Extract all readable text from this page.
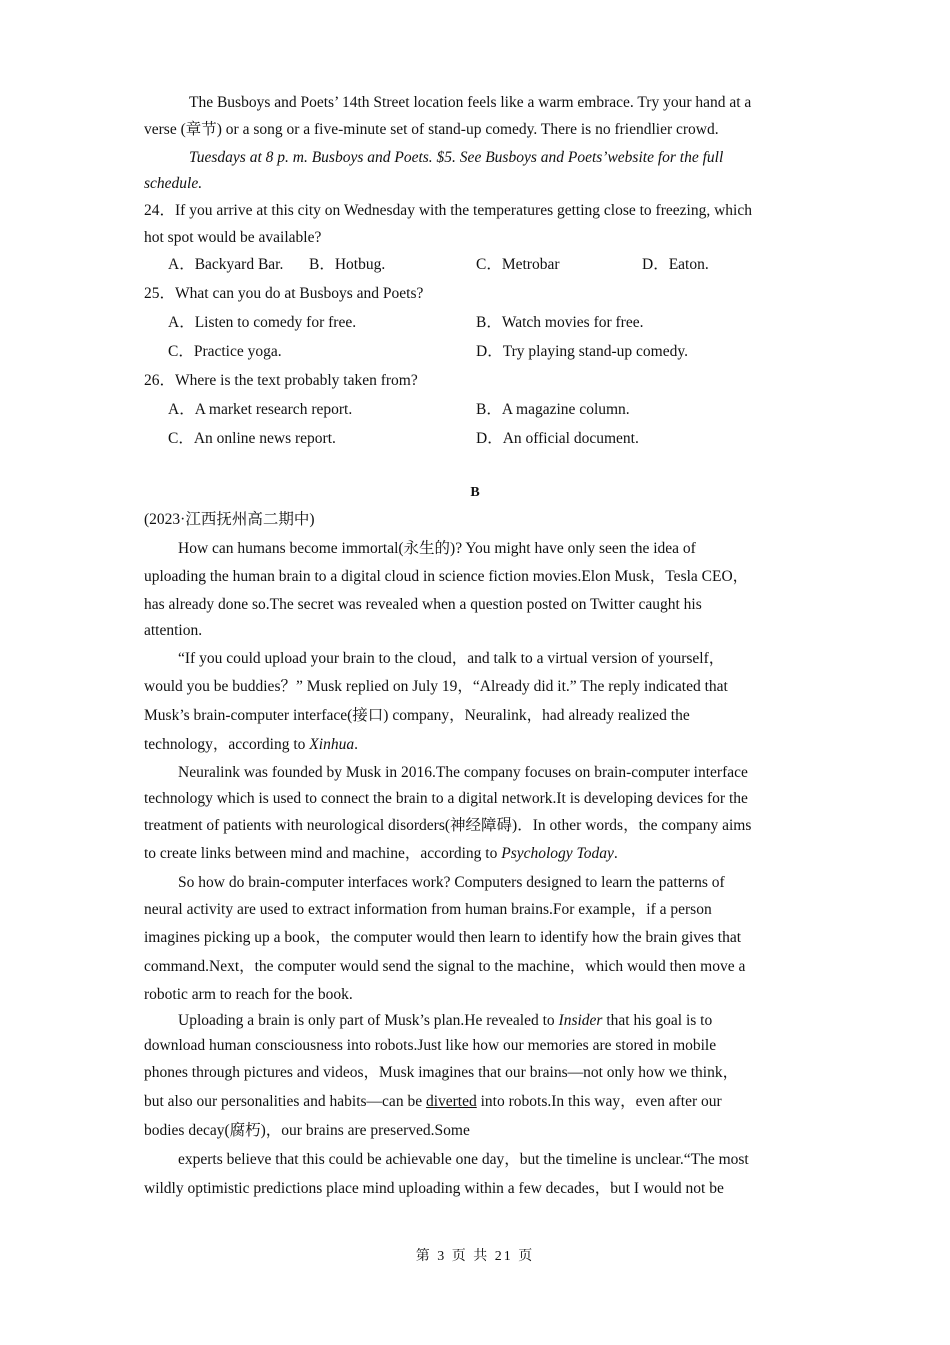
The Busboys and Poets’ 14th Street location feels like a warm embrace. Try your hand at a
verse (章节) or a song or a five-minute set of stand-up comedy. There is no friendlier crowd.
Tuesdays at 8 p. m. Busboys and Poets. $5. See Busboys and Poets’website for the full
schedule.
24．If you arrive at this city on Wednesday with the temperatures getting close to freezing, which
hot spot would be available?
A．Backyard Bar. B．Hotbug.	C．Metrobar	D．Eaton.
25．What can you do at Busboys and Poets?
A．Listen to comedy for free.	B．Watch movies for free.
C．Practice yoga.	D．Try playing stand-up comedy.
26．Where is the text probably taken from?
A．A market research report.	B．A magazine column.
C．An online news report.	D．An official document.
B
(2023·江西抚州高二期中)
How can humans become immortal(永生的)? You might have only seen the idea of
uploading the human brain to a digital cloud in science fiction movies.Elon Musk，Tesla CEO，
has already done so.The secret was revealed when a question posted on Twitter caught his
attention.
“If you could upload your brain to the cloud，and talk to a virtual version of yourself，
would you be buddies？” Musk replied on July 19，“Already did it.” The reply indicated that
Musk’s brain-computer interface(接口) company，Neuralink，had already realized the
technology，according to Xinhua.
Neuralink was founded by Musk in 2016.The company focuses on brain-computer interface
technology which is used to connect the brain to a digital network.It is developing devices for the
treatment of patients with neurological disorders(神经障碍)．In other words，the company aims
to create links between mind and machine，according to Psychology Today.
So how do brain-computer interfaces work? Computers designed to learn the patterns of
neural activity are used to extract information from human brains.For example，if a person
imagines picking up a book，the computer would then learn to identify how the brain gives that
command.Next，the computer would send the signal to the machine，which would then move a
robotic arm to reach for the book.
Uploading a brain is only part of Musk’s plan.He revealed to Insider that his goal is to
download human consciousness into robots.Just like how our memories are stored in mobile
phones through pictures and videos，Musk imagines that our brains—not only how we think，
but also our personalities and habits—can be diverted into robots.In this way，even after our
bodies decay(腐朽)，our brains are preserved.Some
experts believe that this could be achievable one day，but the timeline is unclear.“The most
wildly optimistic predictions place mind uploading within a few decades，but I would not be
第 3 页 共 21 页
